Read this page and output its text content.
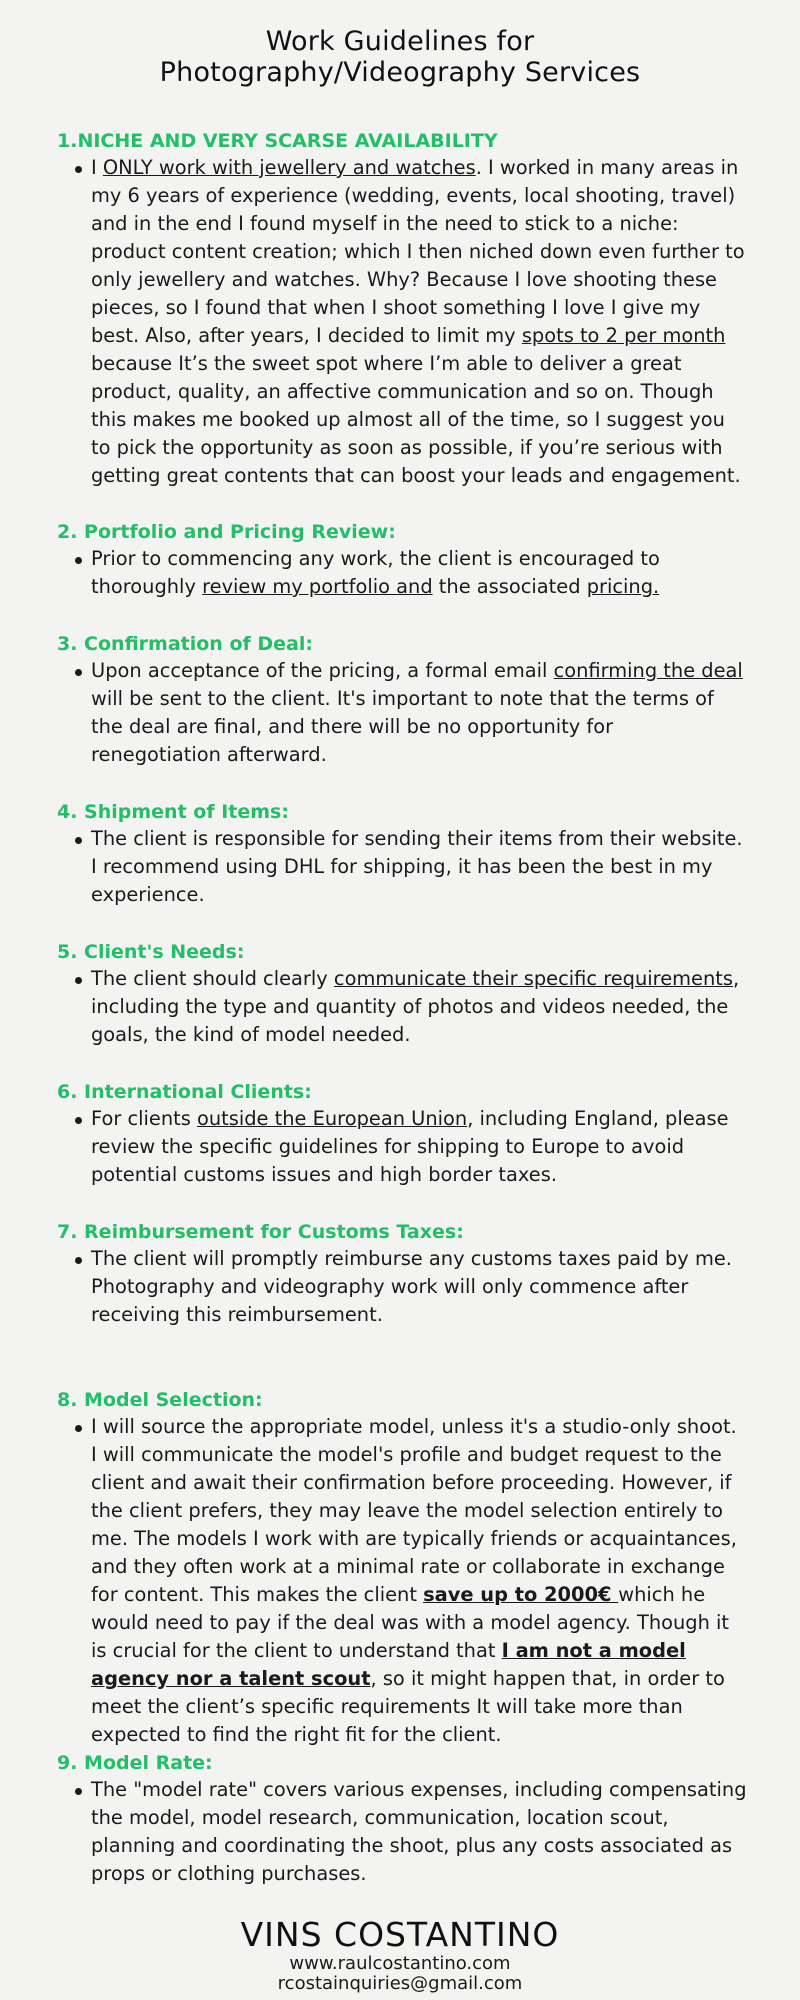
Work Guidelines for
Photography/Videography Services
1.NICHE AND VERY SCARSE AVAILABILITY
I ONLY work with jewellery and watches. I worked in many areas in my 6 years of experience (wedding, events, local shooting, travel) and in the end I found myself in the need to stick to a niche: product content creation; which I then niched down even further to only jewellery and watches. Why? Because I love shooting these pieces, so I found that when I shoot something I love I give my best. Also, after years, I decided to limit my spots to 2 per month because It’s the sweet spot where I’m able to deliver a great product, quality, an affective communication and so on. Though this makes me booked up almost all of the time, so I suggest you to pick the opportunity as soon as possible, if you’re serious with getting great contents that can boost your leads and engagement.
2. Portfolio and Pricing Review:
Prior to commencing any work, the client is encouraged to thoroughly review my portfolio and the associated pricing.
3. Confirmation of Deal:
Upon acceptance of the pricing, a formal email confirming the deal will be sent to the client. It's important to note that the terms of the deal are final, and there will be no opportunity for renegotiation afterward.
4. Shipment of Items:
The client is responsible for sending their items from their website. I recommend using DHL for shipping, it has been the best in my experience.
5. Client's Needs:
The client should clearly communicate their specific requirements, including the type and quantity of photos and videos needed, the goals, the kind of model needed.
6. International Clients:
For clients outside the European Union, including England, please review the specific guidelines for shipping to Europe to avoid potential customs issues and high border taxes.
7. Reimbursement for Customs Taxes:
The client will promptly reimburse any customs taxes paid by me. Photography and videography work will only commence after receiving this reimbursement.
8. Model Selection:
I will source the appropriate model, unless it's a studio-only shoot. I will communicate the model's profile and budget request to the client and await their confirmation before proceeding. However, if the client prefers, they may leave the model selection entirely to me. The models I work with are typically friends or acquaintances, and they often work at a minimal rate or collaborate in exchange for content. This makes the client save up to 2000€ which he would need to pay if the deal was with a model agency. Though it is crucial for the client to understand that I am not a model agency nor a talent scout, so it might happen that, in order to meet the client’s specific requirements It will take more than expected to find the right fit for the client.
9. Model Rate:
The "model rate" covers various expenses, including compensating the model, model research, communication, location scout, planning and coordinating the shoot, plus any costs associated as props or clothing purchases.
VINS COSTANTINO
www.raulcostantino.com
rcostainquiries@gmail.com
